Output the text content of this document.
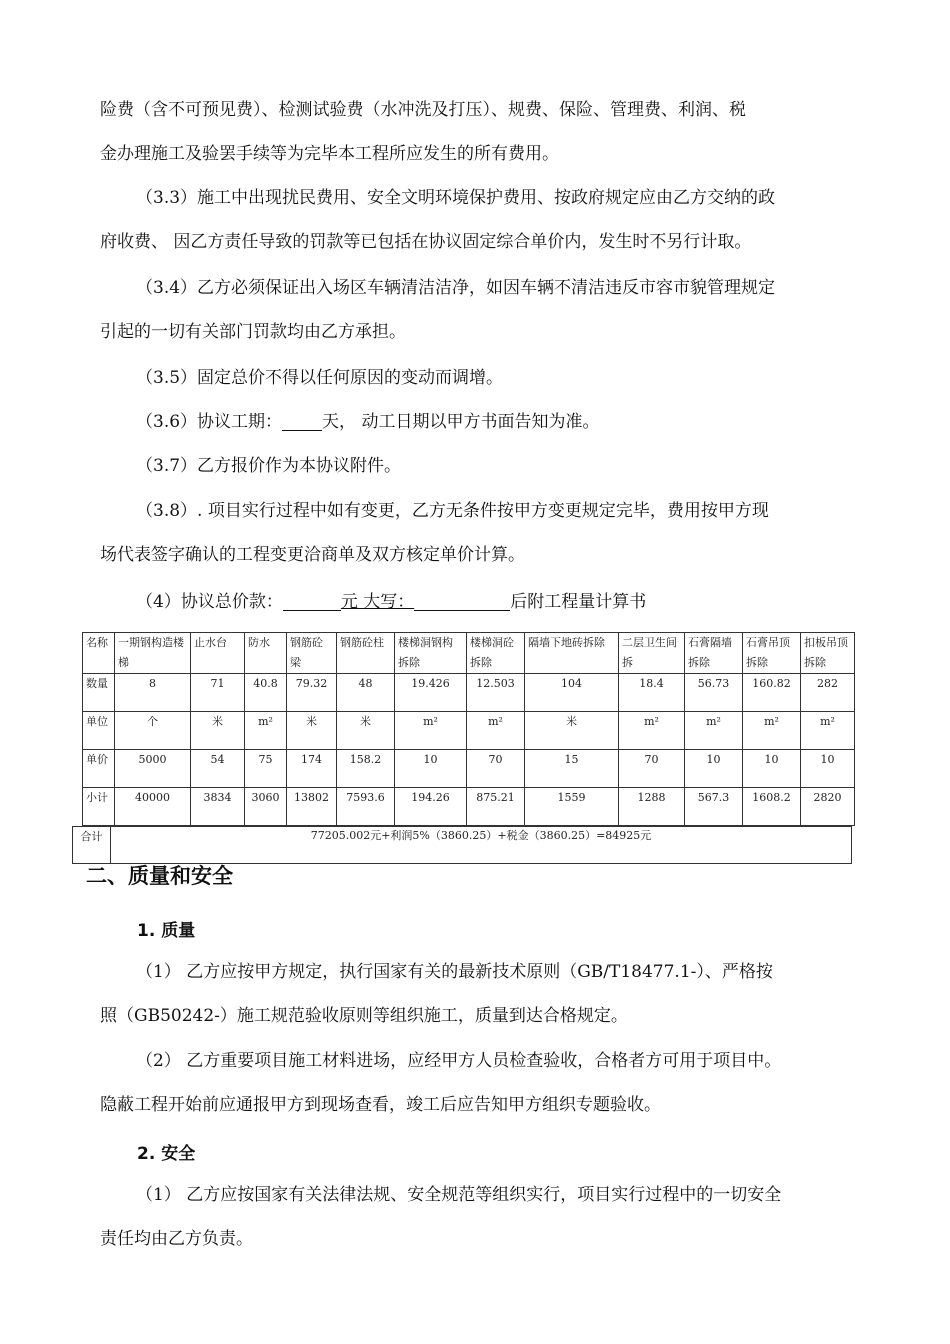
险费（含不可预见费）、检测试验费（水冲洗及打压）、规费、保险、管理费、利润、税
金办理施工及验罢手续等为完毕本工程所应发生的所有费用。
（3.3）施工中出现扰民费用、安全文明环境保护费用、按政府规定应由乙方交纳的政
府收费、 因乙方责任导致的罚款等已包括在协议固定综合单价内，发生时不另行计取。
（3.4）乙方必须保证出入场区车辆清洁洁净，如因车辆不清洁违反市容市貌管理规定
引起的一切有关部门罚款均由乙方承担。
（3.5）固定总价不得以任何原因的变动而调增。
（3.6）协议工期： 天， 动工日期以甲方书面告知为准。
（3.7）乙方报价作为本协议附件。
（3.8）. 项目实行过程中如有变更，乙方无条件按甲方变更规定完毕，费用按甲方现
场代表签字确认的工程变更洽商单及双方核定单价计算。
（4）协议总价款：	元 大写：	后附工程量计算书
名称	一期钢构造楼梯	止水台	防水	钢筋砼梁	钢筋砼柱	楼梯洞钢构拆除	楼梯洞砼拆除	隔墙下地砖拆除	二层卫生间拆	石膏隔墙拆除	石膏吊顶拆除	扣板吊顶拆除
数量	8	71	40.8	79.32	48	19.426	12.503	104	18.4	56.73	160.82	282
单位	个	米	m²	米	米	m²	m²	米	m²	m²	m²	m²
单价	5000	54	75	174	158.2	10	70	15	70	10	10	10
小计	40000	3834	3060	13802	7593.6	194.26	875.21	1559	1288	567.3	1608.2	2820
合计	77205.002元+利润5%（3860.25）+税金（3860.25）=84925元
二、质量和安全
1. 质量
（1） 乙方应按甲方规定，执行国家有关的最新技术原则（GB/T18477.1-）、严格按
照（GB50242-）施工规范验收原则等组织施工，质量到达合格规定。
（2） 乙方重要项目施工材料进场，应经甲方人员检查验收，合格者方可用于项目中。
隐蔽工程开始前应通报甲方到现场查看，竣工后应告知甲方组织专题验收。
2. 安全
（1） 乙方应按国家有关法律法规、安全规范等组织实行，项目实行过程中的一切安全
责任均由乙方负责。
